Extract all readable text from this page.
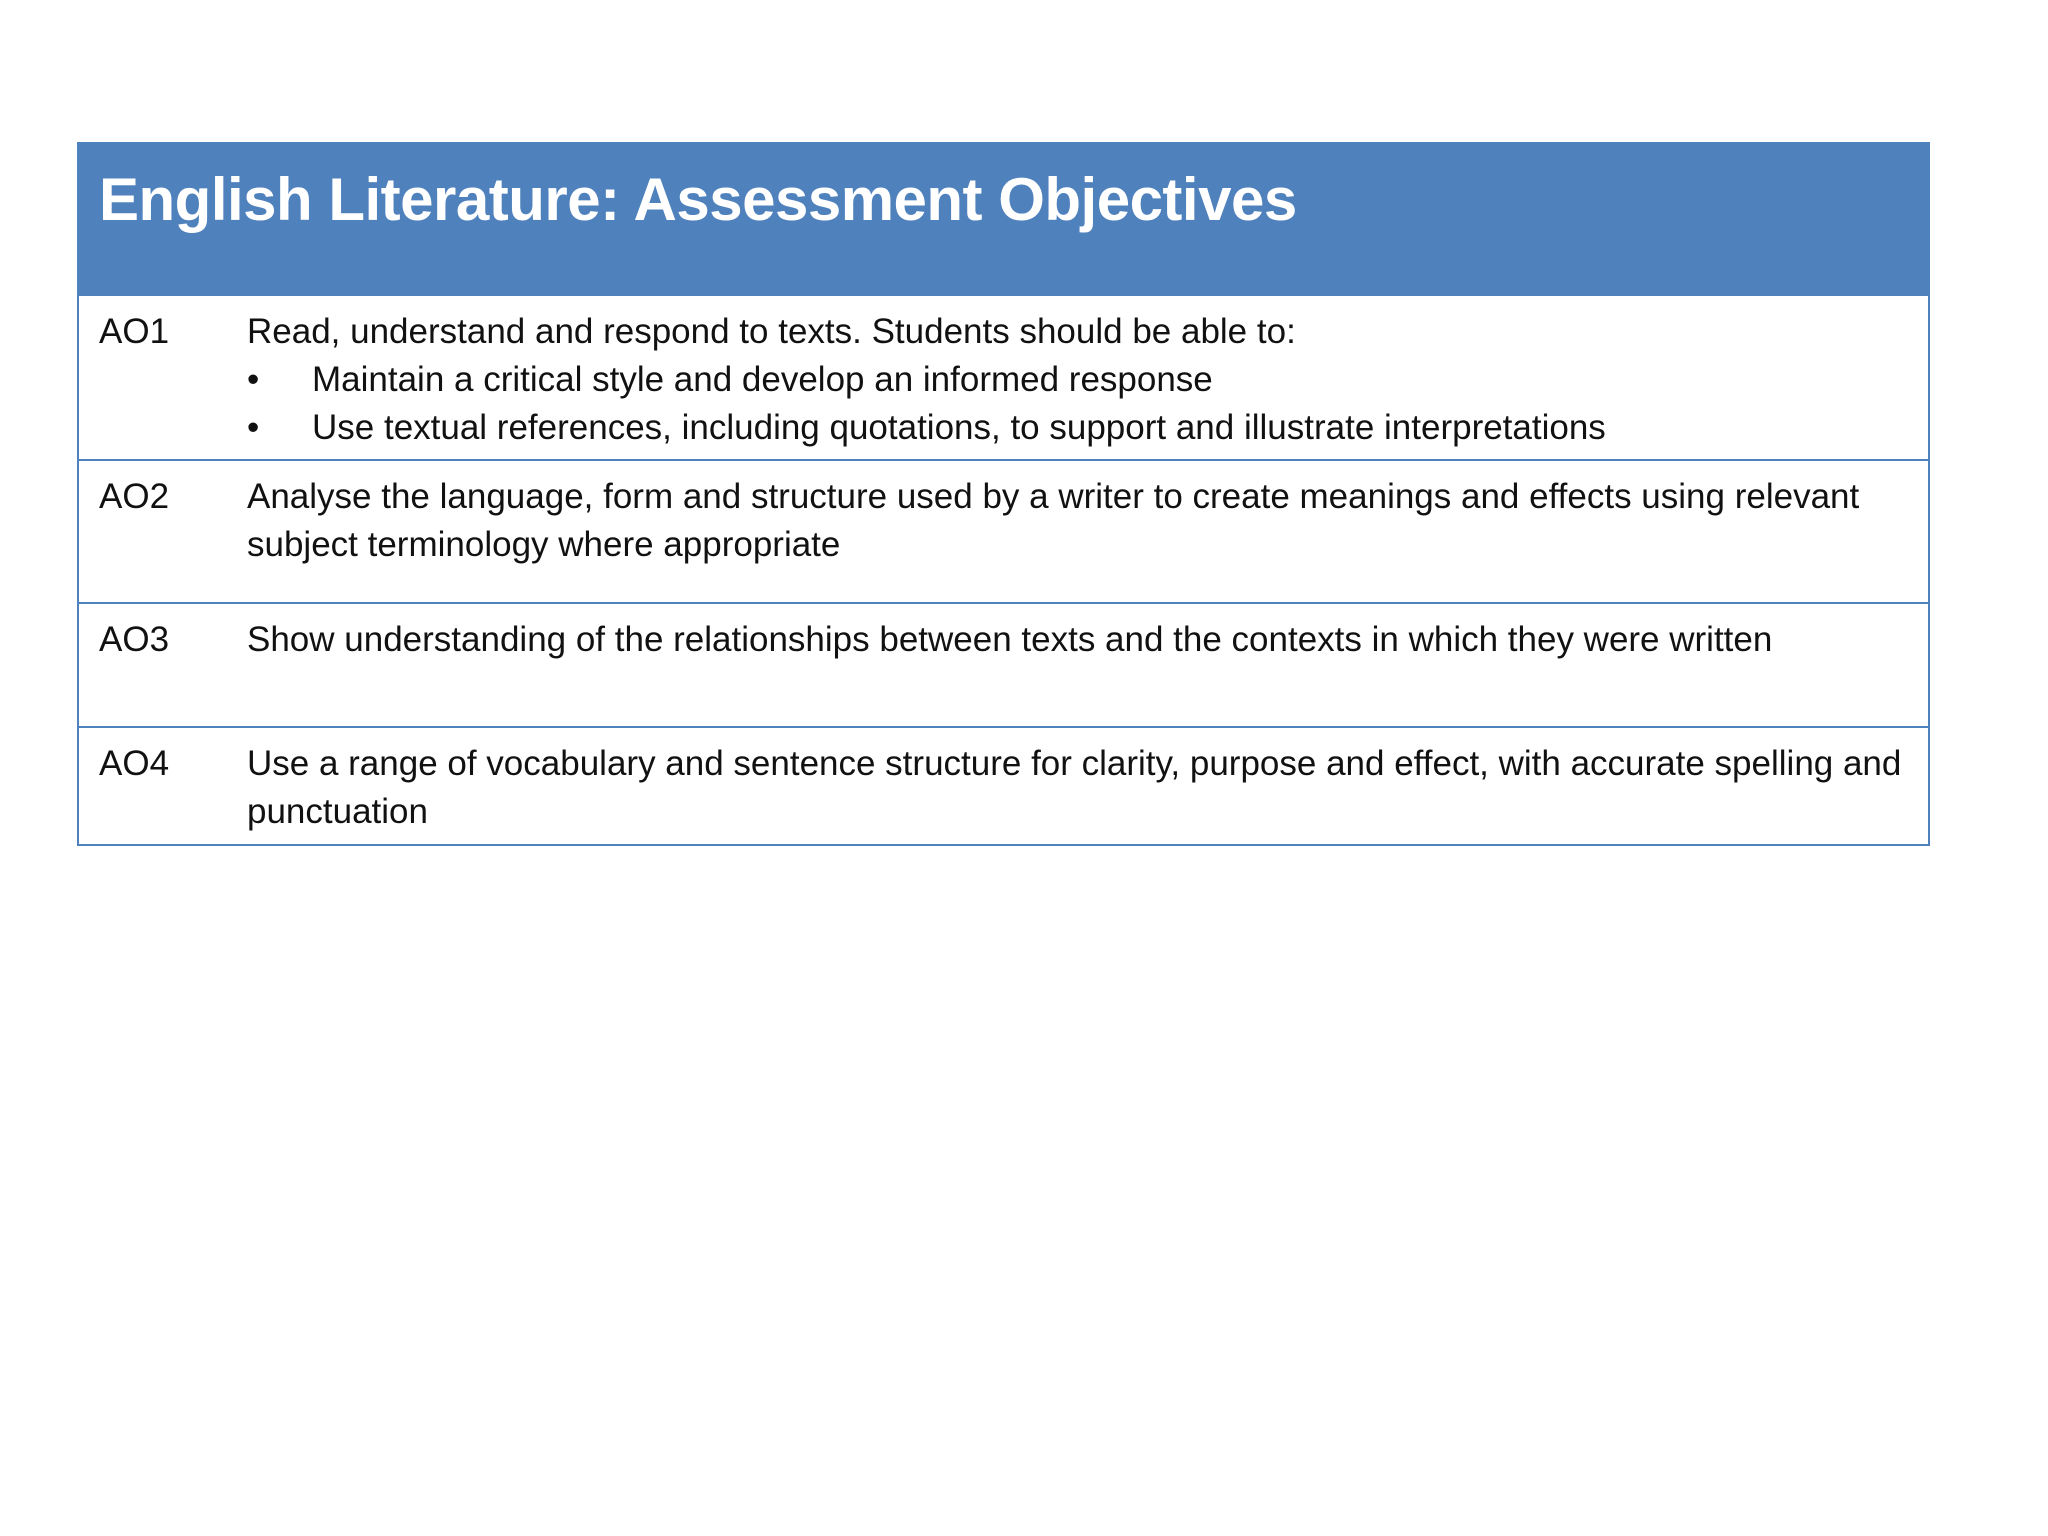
English Literature: Assessment Objectives
AO1	Read, understand and respond to texts. Students should be able to:
•	Maintain a critical style and develop an informed response
•	Use textual references, including quotations, to support and illustrate interpretations
AO2	Analyse the language, form and structure used by a writer to create meanings and effects using relevant subject terminology where appropriate
AO3	Show understanding of the relationships between texts and the contexts in which they were written
AO4	Use a range of vocabulary and sentence structure for clarity, purpose and effect, with accurate spelling and punctuation
